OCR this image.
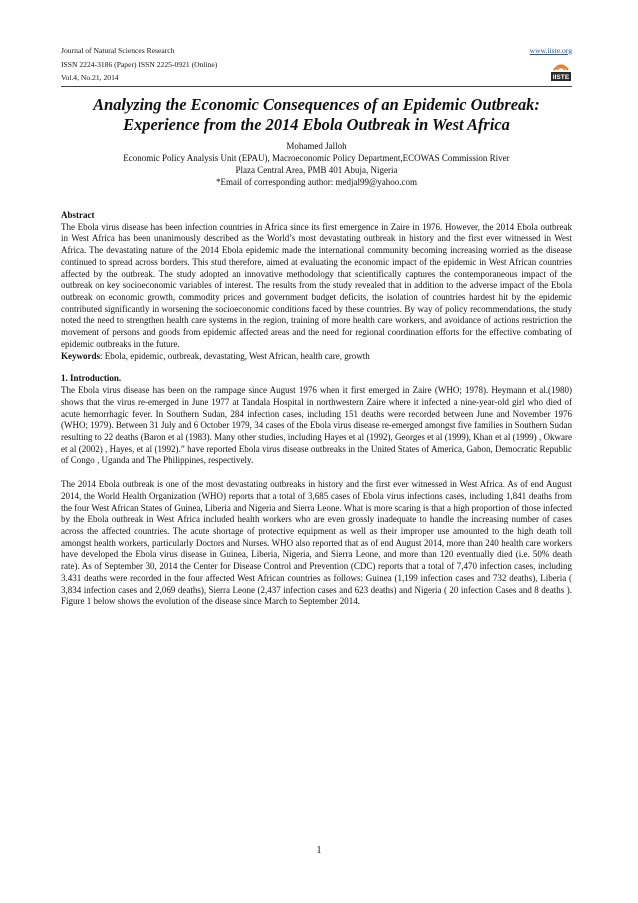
Journal of Natural Sciences Research
ISSN 2224-3186 (Paper) ISSN 2225-0921 (Online)
Vol.4, No.21, 2014
www.iiste.org
IISTE
Analyzing the Economic Consequences of an Epidemic Outbreak: Experience from the 2014 Ebola Outbreak in West Africa
Mohamed Jalloh
Economic Policy Analysis Unit (EPAU), Macroeconomic Policy Department,ECOWAS Commission River
Plaza Central Area, PMB 401 Abuja, Nigeria
*Email of corresponding author: medjal99@yahoo.com
Abstract

The Ebola virus disease has been infection countries in Africa since its first emergence in Zaire in 1976. However, the 2014 Ebola outbreak in West Africa has been unanimously described as the World’s most devastating outbreak in history and the first ever witnessed in West Africa. The devastating nature of the 2014 Ebola epidemic made the international community becoming increasing worried as the disease continued to spread across borders. This stud therefore, aimed at evaluating the economic impact of the epidemic in West African countries affected by the outbreak. The study adopted an innovative methodology that scientifically captures the contemporaneous impact of the outbreak on key socioeconomic variables of interest. The results from the study revealed that in addition to the adverse impact of the Ebola outbreak on economic growth, commodity prices and government budget deficits, the isolation of countries hardest hit by the epidemic contributed significantly in worsening the socioeconomic conditions faced by these countries. By way of policy recommendations, the study noted the need to strengthen health care systems in the region, training of more health care workers, and avoidance of actions restriction the movement of persons and goods from epidemic affected areas and the need for regional coordination efforts for the effective combating of epidemic outbreaks in the future.

Keywords: Ebola, epidemic, outbreak, devastating, West African, health care, growth

1. Introduction.

The Ebola virus disease has been on the rampage since August 1976 when it first emerged in Zaire (WHO; 1978). Heymann et al.(1980) shows that the virus re-emerged in June 1977 at Tandala Hospital in northwestern Zaire where it infected a nine-year-old girl who died of acute hemorrhagic fever. In Southern Sudan, 284 infection cases, including 151 deaths were recorded between June and November 1976 (WHO; 1979). Between 31 July and 6 October 1979, 34 cases of the Ebola virus disease re-emerged amongst five families in Southern Sudan resulting to 22 deaths (Baron et al (1983). Many other studies, including Hayes et al (1992), Georges et al (1999), Khan et al (1999) , Okware et al (2002) , Hayes, et al (1992).” have reported Ebola virus disease outbreaks in the United States of America, Gabon, Democratic Republic of Congo , Uganda and The Philippines, respectively.

The 2014 Ebola outbreak is one of the most devastating outbreaks in history and the first ever witnessed in West Africa. As of end August 2014, the World Health Organization (WHO) reports that a total of 3,685 cases of Ebola virus infections cases, including 1,841 deaths from the four West African States of Guinea, Liberia and Nigeria and Sierra Leone. What is more scaring is that a high proportion of those infected by the Ebola outbreak in West Africa included health workers who are even grossly inadequate to handle the increasing number of cases across the affected countries. The acute shortage of protective equipment as well as their improper use amounted to the high death toll amongst health workers, particularly Doctors and Nurses. WHO also reported that as of end August 2014, more than 240 health care workers have developed the Ebola virus disease in Guinea, Liberia, Nigeria, and Sierra Leone, and more than 120 eventually died (i.e. 50% death rate). As of September 30, 2014 the Center for Disease Control and Prevention (CDC) reports that a total of 7,470 infection cases, including 3.431 deaths were recorded in the four affected West African countries as follows: Guinea (1,199 infection cases and 732 deaths), Liberia ( 3,834 infection cases and 2,069 deaths), Sierra Leone (2,437 infection cases and 623 deaths) and Nigeria ( 20 infection Cases and 8 deaths ). Figure 1 below shows the evolution of the disease since March to September 2014.

1
